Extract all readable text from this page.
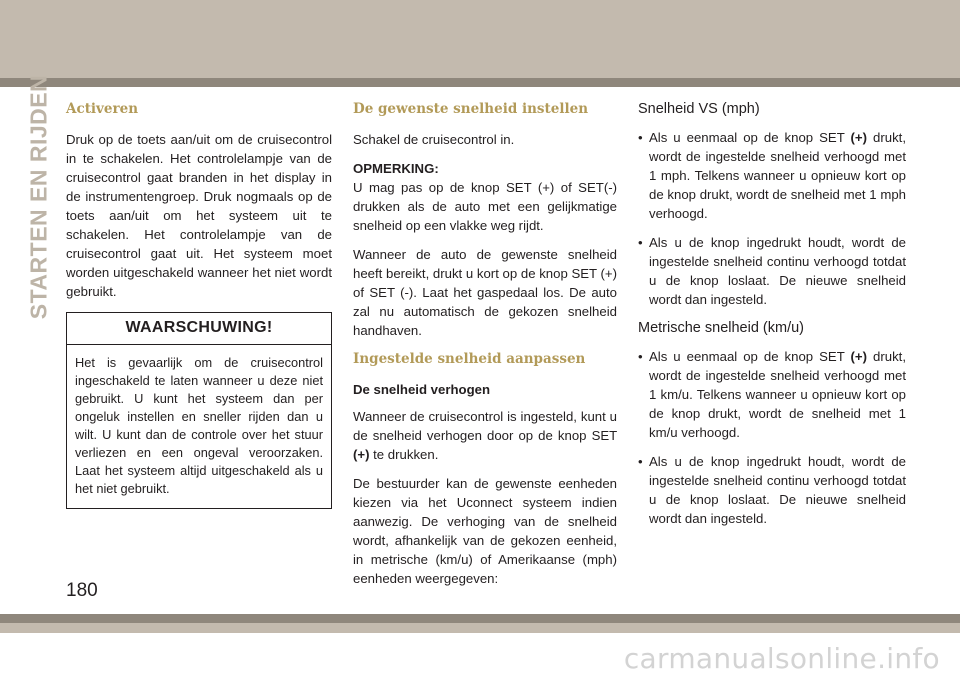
STARTEN EN RIJDEN Activeren

Druk op de toets aan/uit om de cruisecontrol in te schakelen. Het controlelampje van de cruisecontrol gaat branden in het display in de instrumentengroep. Druk nogmaals op de toets aan/uit om het systeem uit te schakelen. Het controlelampje van de cruisecontrol gaat uit. Het systeem moet worden uitgeschakeld wanneer het niet wordt gebruikt.

WAARSCHUWING!
Het is gevaarlijk om de cruisecontrol ingeschakeld te laten wanneer u deze niet gebruikt. U kunt het systeem dan per ongeluk instellen en sneller rijden dan u wilt. U kunt dan de controle over het stuur verliezen en een ongeval veroorzaken. Laat het systeem altijd uitgeschakeld als u het niet gebruikt.
De gewenste snelheid instellen

Schakel de cruisecontrol in.

OPMERKING:
U mag pas op de knop SET (+) of SET(-) drukken als de auto met een gelijkmatige snelheid op een vlakke weg rijdt.

Wanneer de auto de gewenste snelheid heeft bereikt, drukt u kort op de knop SET (+) of SET (-). Laat het gaspedaal los. De auto zal nu automatisch de gekozen snelheid handhaven.

Ingestelde snelheid aanpassen

De snelheid verhogen

Wanneer de cruisecontrol is ingesteld, kunt u de snelheid verhogen door op de knop SET (+) te drukken.

De bestuurder kan de gewenste eenheden kiezen via het Uconnect systeem indien aanwezig. De verhoging van de snelheid wordt, afhankelijk van de gekozen eenheid, in metrische (km/u) of Amerikaanse (mph) eenheden weergegeven:

Snelheid VS (mph)
• Als u eenmaal op de knop SET (+) drukt, wordt de ingestelde snelheid verhoogd met 1 mph. Telkens wanneer u opnieuw kort op de knop drukt, wordt de snelheid met 1 mph verhoogd.
• Als u de knop ingedrukt houdt, wordt de ingestelde snelheid continu verhoogd totdat u de knop loslaat. De nieuwe snelheid wordt dan ingesteld.
Metrische snelheid (km/u)
• Als u eenmaal op de knop SET (+) drukt, wordt de ingestelde snelheid verhoogd met 1 km/u. Telkens wanneer u opnieuw kort op de knop drukt, wordt de snelheid met 1 km/u verhoogd.
• Als u de knop ingedrukt houdt, wordt de ingestelde snelheid continu verhoogd totdat u de knop loslaat. De nieuwe snelheid wordt dan ingesteld.
180
carmanualsonline.info
